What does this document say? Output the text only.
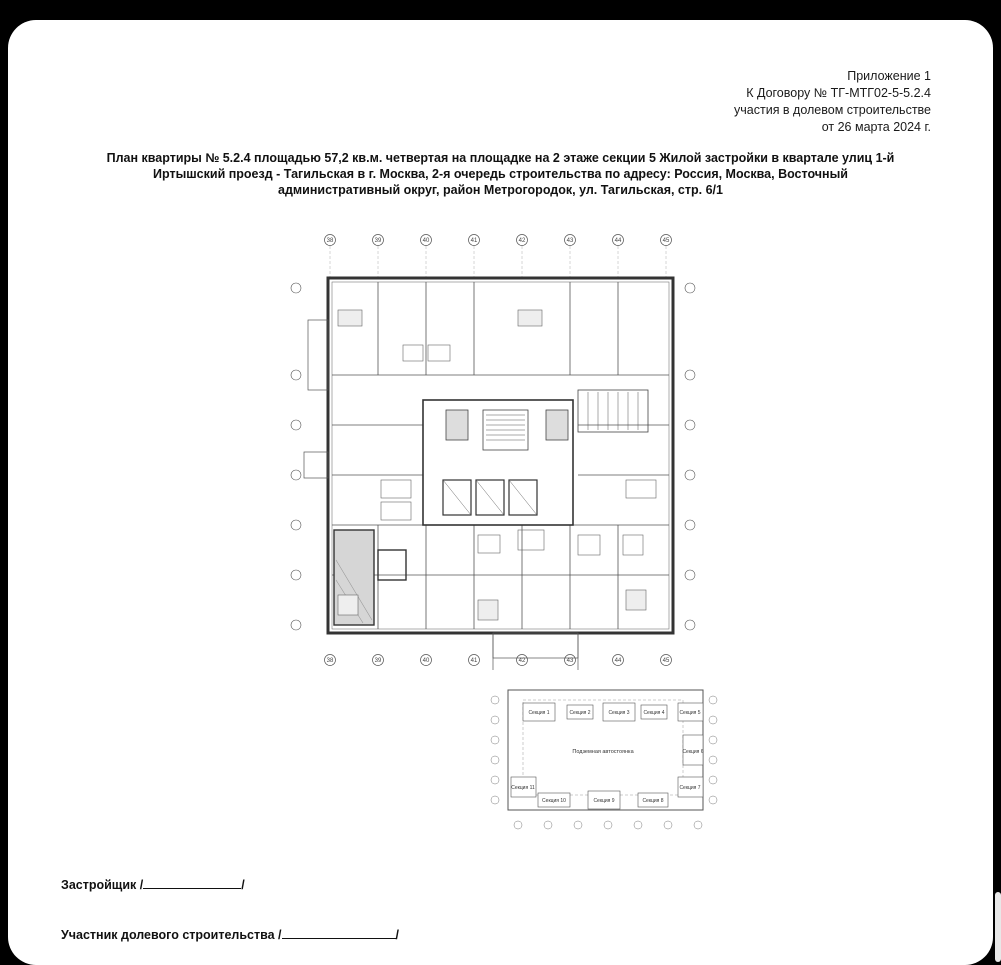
Приложение 1
К Договору № ТГ-МТГ02-5-5.2.4
участия в долевом строительстве
от 26 марта 2024 г.
План квартиры № 5.2.4 площадью 57,2 кв.м. четвертая на площадке на 2 этаже секции 5 Жилой застройки в квартале улиц 1-й
Иртышский проезд - Тагильская в г. Москва, 2-я очередь строительства по адресу: Россия, Москва, Восточный
административный округ, район Метрогородок, ул. Тагильская, стр. 6/1
38	39	40	41	42	43	44	45
38	39	40	41	42	43	44	45
Секция 1	Секция 2	Секция 3	Секция 4	Секция 5
Секция 6
Секция 7
Секция 8
Секция 9
Секция 10
Секция 11
Подземная автостоянка
Застройщик /	/
Участник долевого строительства /	/
